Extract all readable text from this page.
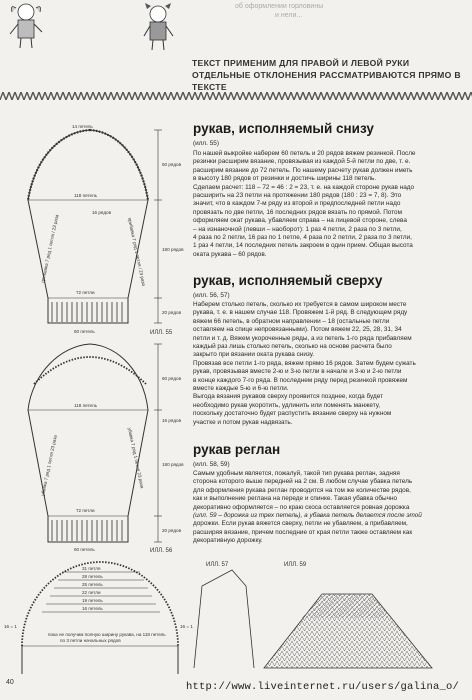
об оформлении горловины
и нели...
ТЕКСТ ПРИМЕНИМ ДЛЯ ПРАВОЙ И ЛЕВОЙ РУКИ
ОТДЕЛЬНЫЕ ОТКЛОНЕНИЯ РАССМАТРИВАЮТСЯ ПРЯМО В ТЕКСТЕ
14 петель
118 петель
60 петель
60 рядов
180 рядов
20 рядов
16 рядов
72 петли
прибавка 7 ряд 1 петля / 23 раза	прибавка 7 ряд 1 петля / 23 раза
ИЛЛ. 55
118 петель
72 петли
60 петель
60 рядов
180 рядов
20 рядов
16 рядов
убавка 7 ряд 1 петля 23 раза	убавка 7 ряд 1 петля 23 раза
ИЛЛ. 56
31 петля
28 петель
25 петель
22 петли
19 петель
16 петель
пока не получим полную ширину рукава, на 118 петель
по 3 петли начальных рядов
16 = 1	16 = 1
рукав, исполняемый снизу
(илл. 55)
По нашей выкройке наберем 60 петель и 20 рядов вяжем резинкой. После
резинки расширим вязание, провязывая из каждой 5-й петли по две, т. е.
расширим вязание до 72 петель. По нашему расчету рукав должен иметь
в высоту 180 рядов от резинки и достичь ширины 118 петель.
Сделаем расчет: 118 – 72 = 46 : 2 = 23, т. е. на каждой стороне рукав надо
расширить на 23 петли на протяжении 180 рядов (180 : 23 = 7, 8). Это
значит, что в каждом 7-м ряду из второй и предпоследней петли надо
провязать по две петли, 16 последних рядов вязать по прямой. Потом
оформляем окат рукава, убавляем справа – на лицевой стороне, слева
– на изнаночной (левши – наоборот): 1 раз 4 петли, 2 раза по 3 петли,
4 раза по 2 петли, 16 раз по 1 петле, 4 раза по 2 петли, 2 раза по 3 петли,
1 раз 4 петли, 14 последних петель закроем в один прием. Общая высота
оката рукава – 60 рядов.
рукав, исполняемый сверху
(илл. 56, 57)
Наберем столько петель, сколько их требуется в самом широком месте
рукава, т. е. в нашем случае 118. Провяжем 1-й ряд. В следующем ряду
вяжем 66 петель, в обратном направлении – 18 (остальные петли
оставляем на спице непровязанными). Потом вяжем 22, 25, 28, 31, 34
петли и т. д. Вяжем укороченные ряды, а из петель 1-го ряда прибавляем
каждый раз лишь столько петель, сколько на основе расчета было
закрыто при вязании оката рукава снизу.
Провязав все петли 1-го ряда, вяжем прямо 16 рядов. Затем будем сужать
рукав, провязывая вместе 2-ю и 3-ю петли в начале и 3-ю и 2-ю петли
в конце каждого 7-го ряда. В последнем ряду перед резинкой провяжем
вместе каждые 5-ю и 6-ю петли.
Выгода вязания рукавов сверху проявится позднее, когда будет
необходимо рукав укоротить, удлинить или поменять манжету,
поскольку достаточно будет распустить вязание сверху на нужном
участке и потом рукав надвязать.
рукав реглан
(илл. 58, 59)
Самым удобным является, пожалуй, такой тип рукава реглан, задняя
сторона которого выше передней на 2 см. В любом случае убавка петель
для оформления рукава реглан проводится на том же количестве рядов,
как и выполнение реглана на переде и спинке. Такая убавка обычно
декоративно оформляется – по краю скоса оставляется ровная дорожка
(илл. 59 – дорожка из трех петель), а убавка петель делается после этой
дорожки. Если рукав вяжется сверху, петли не убавляем, а прибавляем,
расширяя вязание, причем последние от края петли также оставляем как
декоративную дорожку.
ИЛЛ. 57	ИЛЛ. 59
40	http://www.liveinternet.ru/users/galina_o/
